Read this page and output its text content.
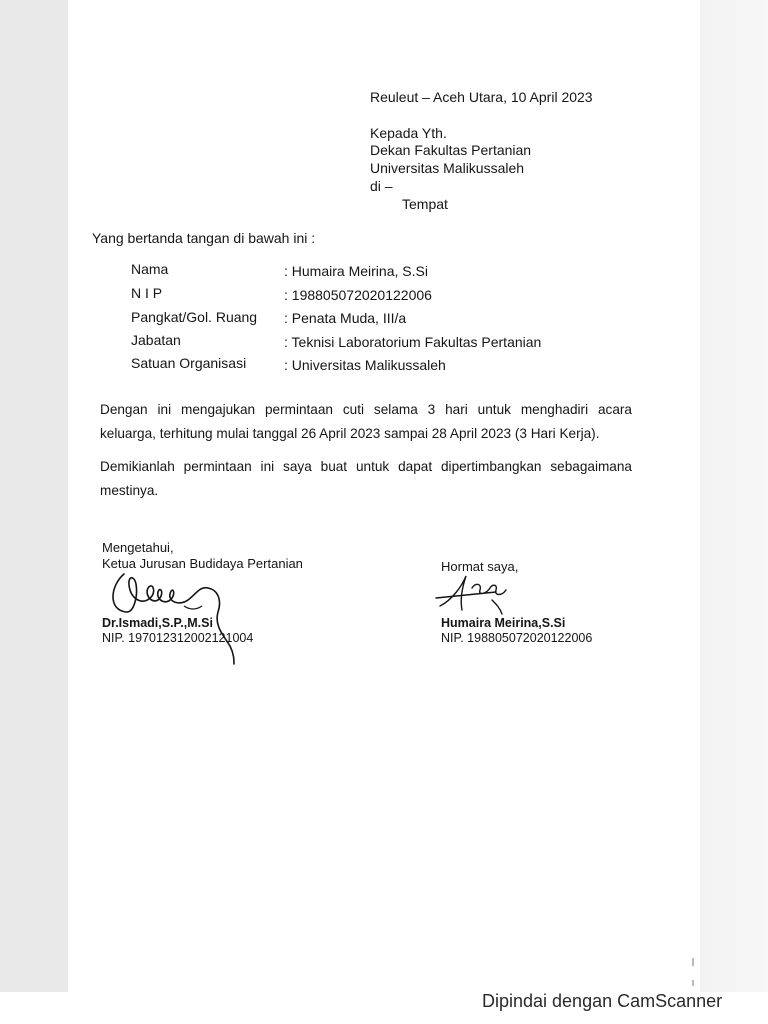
Reuleut – Aceh Utara, 10 April 2023
Kepada Yth.
Dekan Fakultas Pertanian
Universitas Malikussaleh
di –
Tempat
Yang bertanda tangan di bawah ini :
Nama	: Humaira Meirina, S.Si
N I P	: 198805072020122006
Pangkat/Gol. Ruang : Penata Muda, III/a
Jabatan	: Teknisi Laboratorium Fakultas Pertanian
Satuan Organisasi	: Universitas Malikussaleh
Dengan ini mengajukan permintaan cuti selama 3 hari untuk menghadiri acara
keluarga, terhitung mulai tanggal 26 April 2023 sampai 28 April 2023 (3 Hari Kerja).
Demikianlah permintaan ini saya buat untuk dapat dipertimbangkan sebagaimana
mestinya.
Mengetahui,
Ketua Jurusan Budidaya Pertanian
Dr.Ismadi,S.P.,M.Si
NIP. 197012312002121004
Hormat saya,
Humaira Meirina,S.Si
NIP. 198805072020122006
Dipindai dengan CamScanner
